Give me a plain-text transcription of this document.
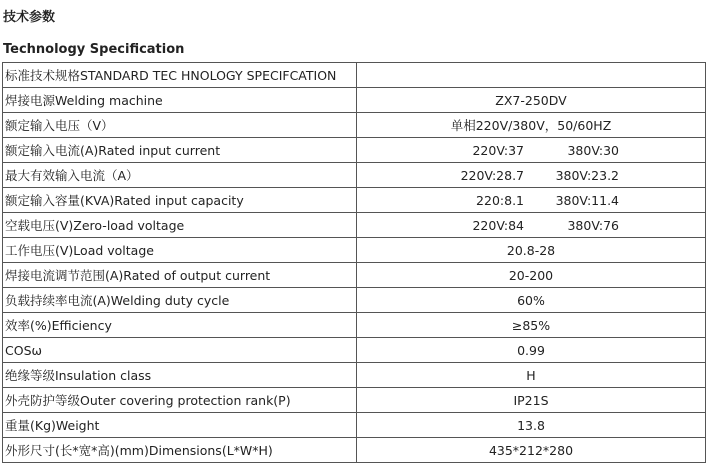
技术参数
Technology Specification
标准技术规格STANDARD TEC HNOLOGY SPECIFCATION	
焊接电源Welding machine	ZX7-250DV
额定输入电压（V）	单相220V/380V，50/60HZ
额定输入电流(A)Rated input current	220V:37 380V:30
最大有效输入电流（A）	220V:28.7 380V:23.2
额定输入容量(KVA)Rated input capacity	220:8.1 380V:11.4
空载电压(V)Zero-load voltage	220V:84 380V:76
工作电压(V)Load voltage	20.8-28
焊接电流调节范围(A)Rated of output current	20-200
负载持续率电流(A)Welding duty cycle	60%
效率(%)Efficiency	≥85%
COSω	0.99
绝缘等级Insulation class	H
外壳防护等级Outer covering protection rank(P)	IP21S
重量(Kg)Weight	13.8
外形尺寸(长*宽*高)(mm)Dimensions(L*W*H)	435*212*280
